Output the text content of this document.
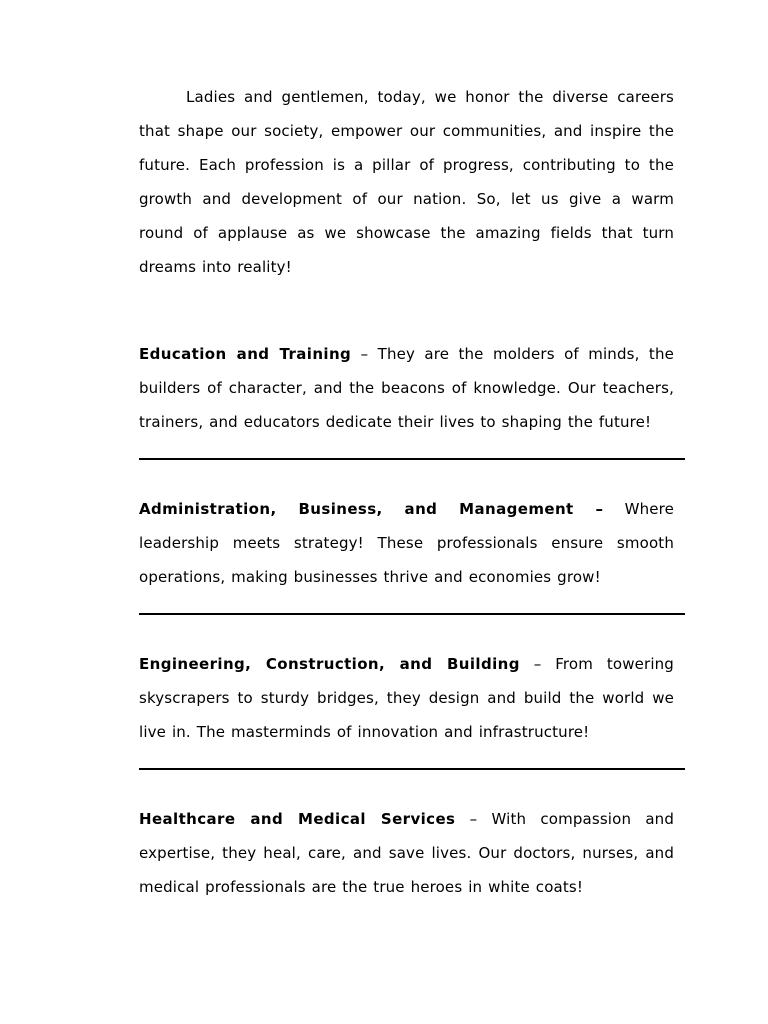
Ladies and gentlemen, today, we honor the diverse careers that shape our society, empower our communities, and inspire the future. Each profession is a pillar of progress, contributing to the growth and development of our nation. So, let us give a warm round of applause as we showcase the amazing fields that turn dreams into reality!

Education and Training – They are the molders of minds, the builders of character, and the beacons of knowledge. Our teachers, trainers, and educators dedicate their lives to shaping the future!

Administration, Business, and Management – Where leadership meets strategy! These professionals ensure smooth operations, making businesses thrive and economies grow!

Engineering, Construction, and Building – From towering skyscrapers to sturdy bridges, they design and build the world we live in. The masterminds of innovation and infrastructure!

Healthcare and Medical Services – With compassion and expertise, they heal, care, and save lives. Our doctors, nurses, and medical professionals are the true heroes in white coats!
